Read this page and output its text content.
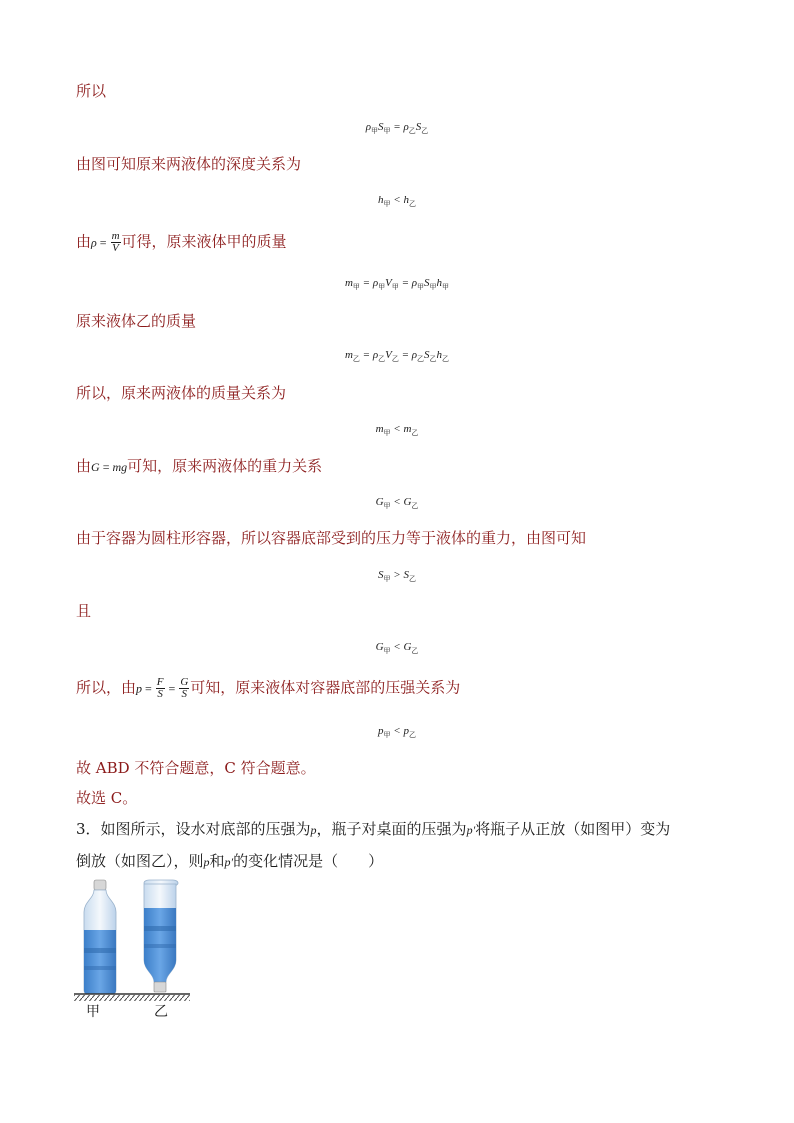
所以
$\rho_甲S_甲 = \rho_乙S_乙$
由图可知原来两液体的深度关系为
$h_甲 < h_乙$
由$\rho = \frac{m}{V}$ 可得，原来液体甲的质量
$m_甲 = \rho_甲V_甲 = \rho_甲S_甲h_甲$
原来液体乙的质量
$m_乙 = \rho_乙V_乙 = \rho_乙S_乙h_乙$
所以，原来两液体的质量关系为
$m_甲 < m_乙$
由G = mg可知，原来两液体的重力关系
$G_甲 < G_乙$
由于容器为圆柱形容器，所以容器底部受到的压力等于液体的重力，由图可知
$S_甲 > S_乙$
且
$G_甲 < G_乙$
所以，由$p = \frac{F}{S} = \frac{G}{S}$ 可知，原来液体对容器底部的压强关系为
$p_甲 < p_乙$
故 ABD 不符合题意，C 符合题意。
故选 C。
3．如图所示，设水对底部的压强为p，瓶子对桌面的压强为p′将瓶子从正放（如图甲）变为
倒放（如图乙），则p和p′的变化情况是（　　）
甲	乙
